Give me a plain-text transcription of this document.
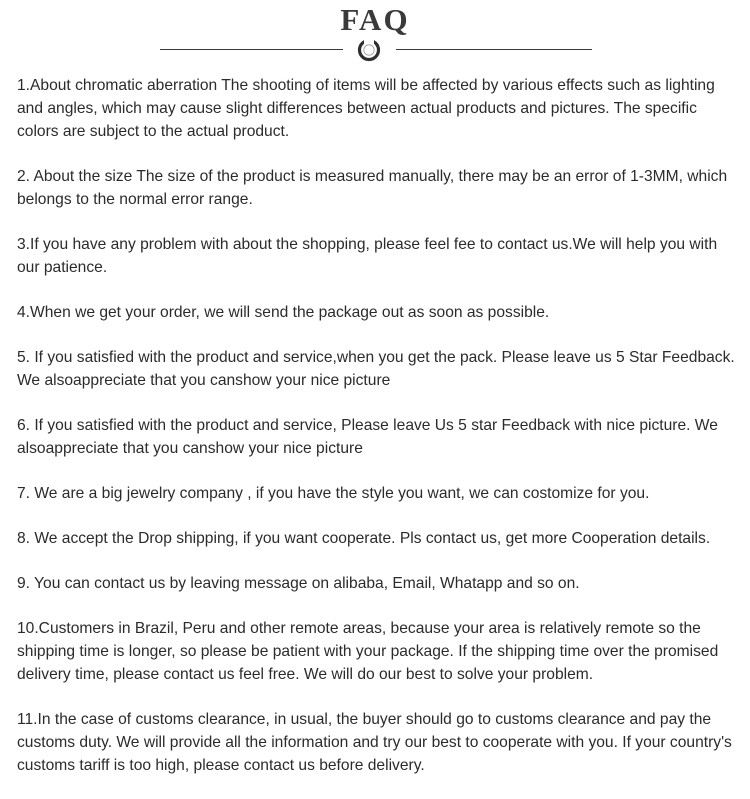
FAQ
1.About chromatic aberration The shooting of items will be affected by various effects such as lighting and angles, which may cause slight differences between actual products and pictures. The specific colors are subject to the actual product.
2. About the size The size of the product is measured manually, there may be an error of 1-3MM, which belongs to the normal error range.
3.If you have any problem with about the shopping, please feel fee to contact us.We will help you with our patience.
4.When we get your order, we will send the package out as soon as possible.
5. If you satisfied with the product and service,when you get the pack. Please leave us 5 Star Feedback. We alsoappreciate that you canshow your nice picture
6. If you satisfied with the product and service, Please leave Us 5 star Feedback with nice picture. We alsoappreciate that you canshow your nice picture
7. We are a big jewelry company , if you have the style you want, we can costomize for you.
8. We accept the Drop shipping, if you want cooperate. Pls contact us, get more Cooperation details.
9. You can contact us by leaving message on alibaba, Email, Whatapp and so on.
10.Customers in Brazil, Peru and other remote areas, because your area is relatively remote so the shipping time is longer, so please be patient with your package. If the shipping time over the promised delivery time, please contact us feel free. We will do our best to solve your problem.
11.In the case of customs clearance, in usual, the buyer should go to customs clearance and pay the customs duty. We will provide all the information and try our best to cooperate with you. If your country's customs tariff is too high, please contact us before delivery.
